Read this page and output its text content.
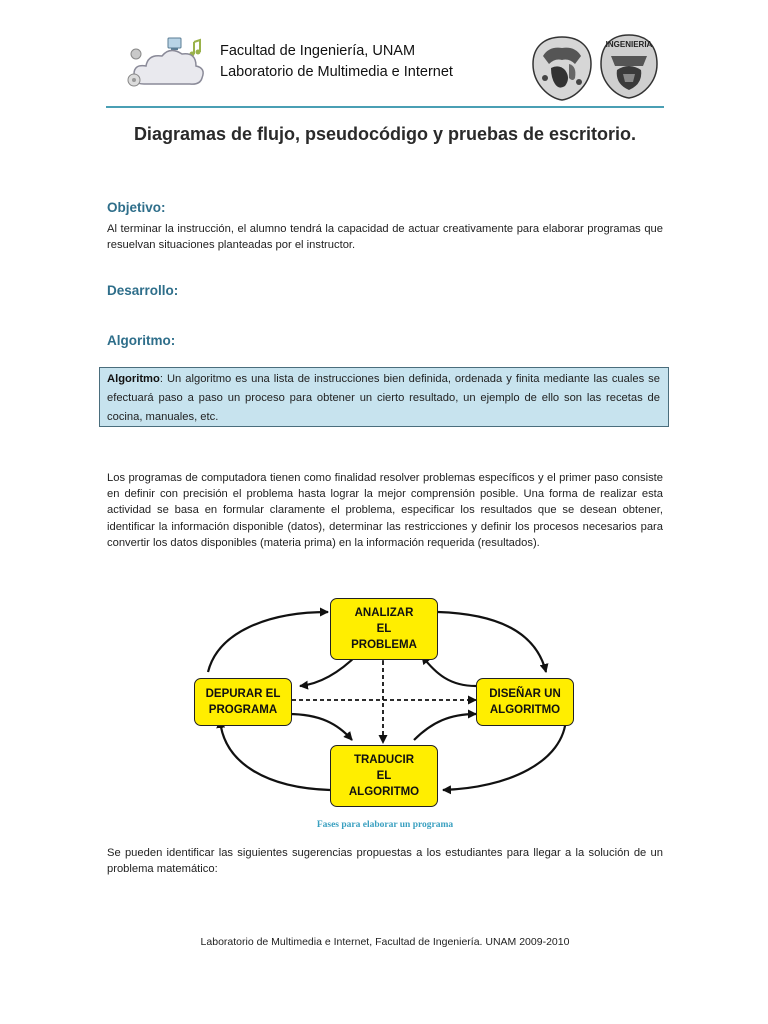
Facultad de Ingeniería, UNAM
Laboratorio de Multimedia e Internet
INGENIERIA
Diagramas de flujo, pseudocódigo y pruebas de escritorio.
Objetivo:
Al terminar la instrucción, el alumno tendrá la capacidad de actuar creativamente para elaborar programas que resuelvan situaciones planteadas por el instructor.
Desarrollo:
Algoritmo:
Algoritmo: Un algoritmo es una lista de instrucciones bien definida, ordenada y finita mediante las cuales se efectuará paso a paso un proceso para obtener un cierto resultado, un ejemplo de ello son las recetas de cocina, manuales, etc.
Los programas de computadora tienen como finalidad resolver problemas específicos y el primer paso consiste en definir con precisión el problema hasta lograr la mejor comprensión posible. Una forma de realizar esta actividad se basa en formular claramente el problema, especificar los resultados que se desean obtener, identificar la información disponible (datos), determinar las restricciones y definir los procesos necesarios para convertir los datos disponibles (materia prima) en la información requerida (resultados).
ANALIZAR
EL
PROBLEMA
DEPURAR EL
PROGRAMA
DISEÑAR UN
ALGORITMO
TRADUCIR
EL
ALGORITMO
Fases para elaborar un programa
Se pueden identificar las siguientes sugerencias propuestas a los estudiantes para llegar a la solución de un problema matemático:
Laboratorio de Multimedia e Internet, Facultad de Ingeniería. UNAM 2009-2010
